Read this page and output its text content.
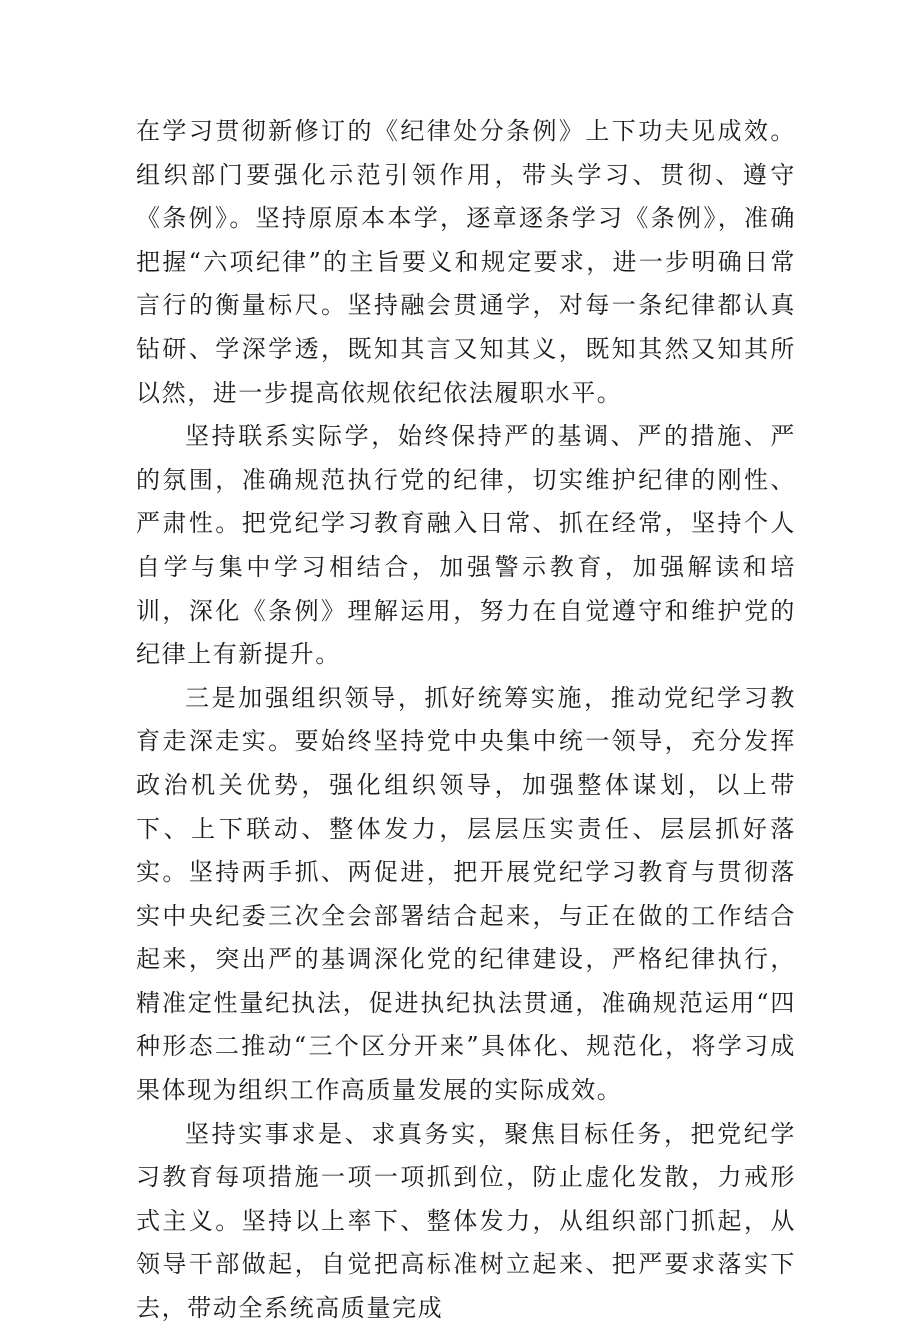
在学习贯彻新修订的《纪律处分条例》上下功夫见成效。组织部门要强化示范引领作用，带头学习、贯彻、遵守《条例》。坚持原原本本学，逐章逐条学习《条例》，准确把握“六项纪律”的主旨要义和规定要求，进一步明确日常言行的衡量标尺。坚持融会贯通学，对每一条纪律都认真钻研、学深学透，既知其言又知其义，既知其然又知其所以然，进一步提高依规依纪依法履职水平。

坚持联系实际学，始终保持严的基调、严的措施、严的氛围，准确规范执行党的纪律，切实维护纪律的刚性、严肃性。把党纪学习教育融入日常、抓在经常，坚持个人自学与集中学习相结合，加强警示教育，加强解读和培训，深化《条例》理解运用，努力在自觉遵守和维护党的纪律上有新提升。

三是加强组织领导，抓好统筹实施，推动党纪学习教育走深走实。要始终坚持党中央集中统一领导，充分发挥政治机关优势，强化组织领导，加强整体谋划，以上带下、上下联动、整体发力，层层压实责任、层层抓好落实。坚持两手抓、两促进，把开展党纪学习教育与贯彻落实中央纪委三次全会部署结合起来，与正在做的工作结合起来，突出严的基调深化党的纪律建设，严格纪律执行，精准定性量纪执法，促进执纪执法贯通，准确规范运用“四种形态二推动“三个区分开来”具体化、规范化，将学习成果体现为组织工作高质量发展的实际成效。

坚持实事求是、求真务实，聚焦目标任务，把党纪学习教育每项措施一项一项抓到位，防止虚化发散，力戒形式主义。坚持以上率下、整体发力，从组织部门抓起，从领导干部做起，自觉把高标准树立起来、把严要求落实下去，带动全系统高质量完成
